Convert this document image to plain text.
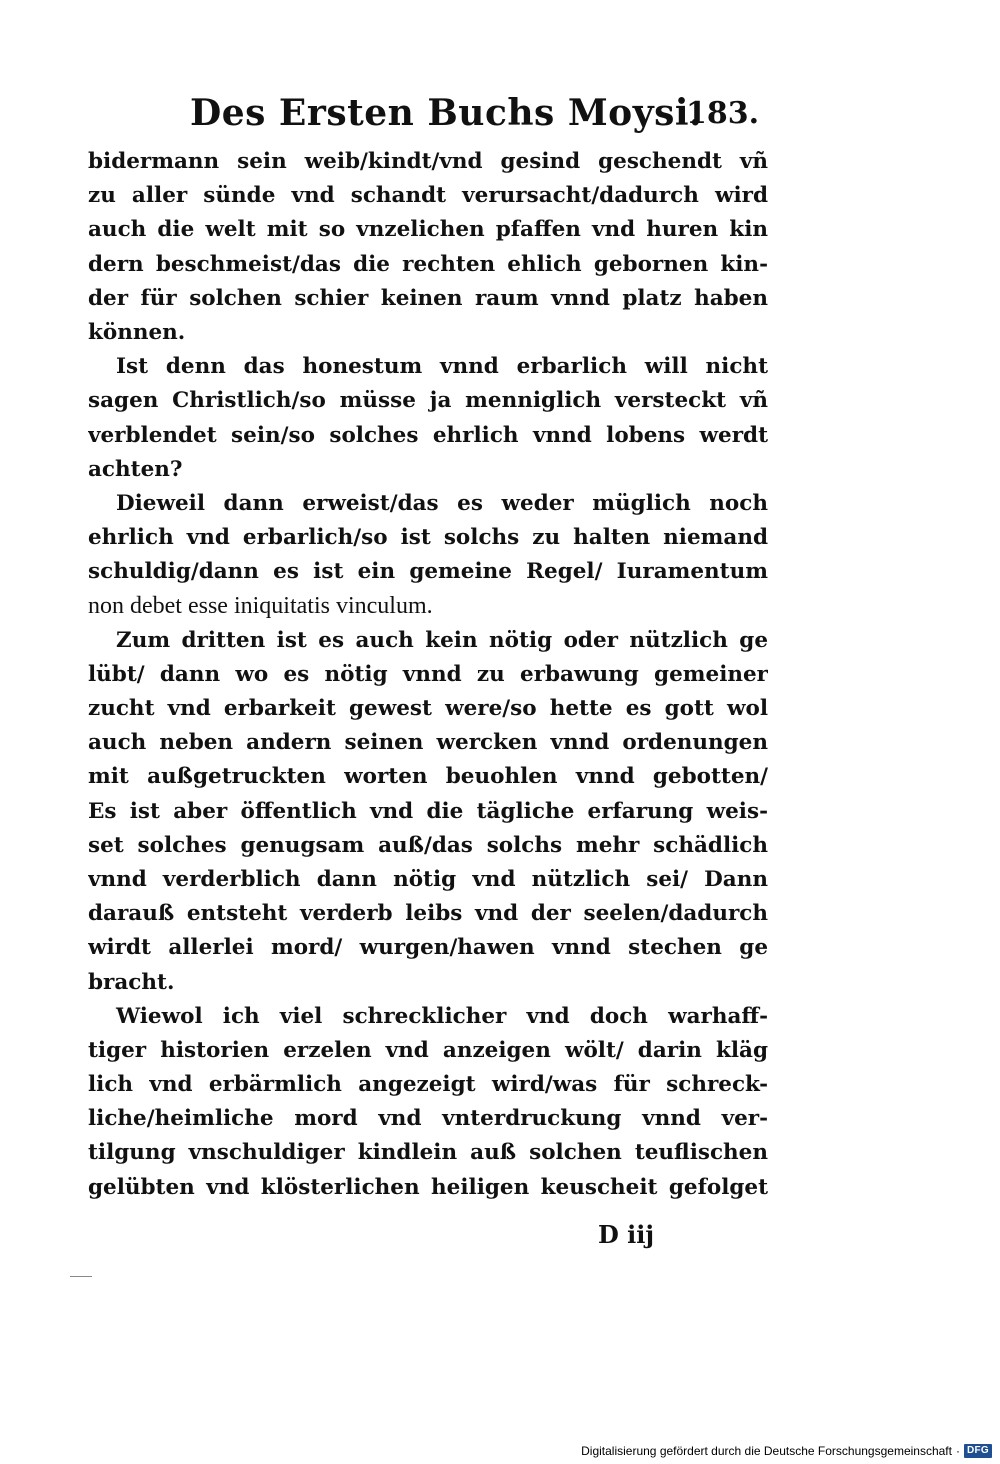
Des Ersten Buchs Moysi.
183.
bidermann sein weib/kindt/vnd gesind geschendt vñ
zu aller sünde vnd schandt verursacht/dadurch wird
auch die welt mit so vnzelichen pfaffen vnd huren kin
dern beschmeist/das die rechten ehlich gebornen kin-
der für solchen schier keinen raum vnnd platz haben
können.
Ist denn das honestum vnnd erbarlich will nicht
sagen Christlich/so müsse ja menniglich versteckt vñ
verblendet sein/so solches ehrlich vnnd lobens werdt
achten?
Dieweil dann erweist/das es weder müglich noch
ehrlich vnd erbarlich/so ist solchs zu halten niemand
schuldig/dann es ist ein gemeine Regel/ Iuramentum
non debet esse iniquitatis vinculum.
Zum dritten ist es auch kein nötig oder nützlich ge
lübt/ dann wo es nötig vnnd zu erbawung gemeiner
zucht vnd erbarkeit gewest were/so hette es gott wol
auch neben andern seinen wercken vnnd ordenungen
mit außgetruckten worten beuohlen vnnd gebotten/
Es ist aber öffentlich vnd die tägliche erfarung weis-
set solches genugsam auß/das solchs mehr schädlich
vnnd verderblich dann nötig vnd nützlich sei/ Dann
darauß entsteht verderb leibs vnd der seelen/dadurch
wirdt allerlei mord/ wurgen/hawen vnnd stechen ge
bracht.
Wiewol ich viel schrecklicher vnd doch warhaff-
tiger historien erzelen vnd anzeigen wölt/ darin kläg
lich vnd erbärmlich angezeigt wird/was für schreck-
liche/heimliche mord vnd vnterdruckung vnnd ver-
tilgung vnschuldiger kindlein auß solchen teuflischen
gelübten vnd klösterlichen heiligen keuscheit gefolget
D iij
Digitalisierung gefördert durch die Deutsche Forschungsgemeinschaft · DFG
